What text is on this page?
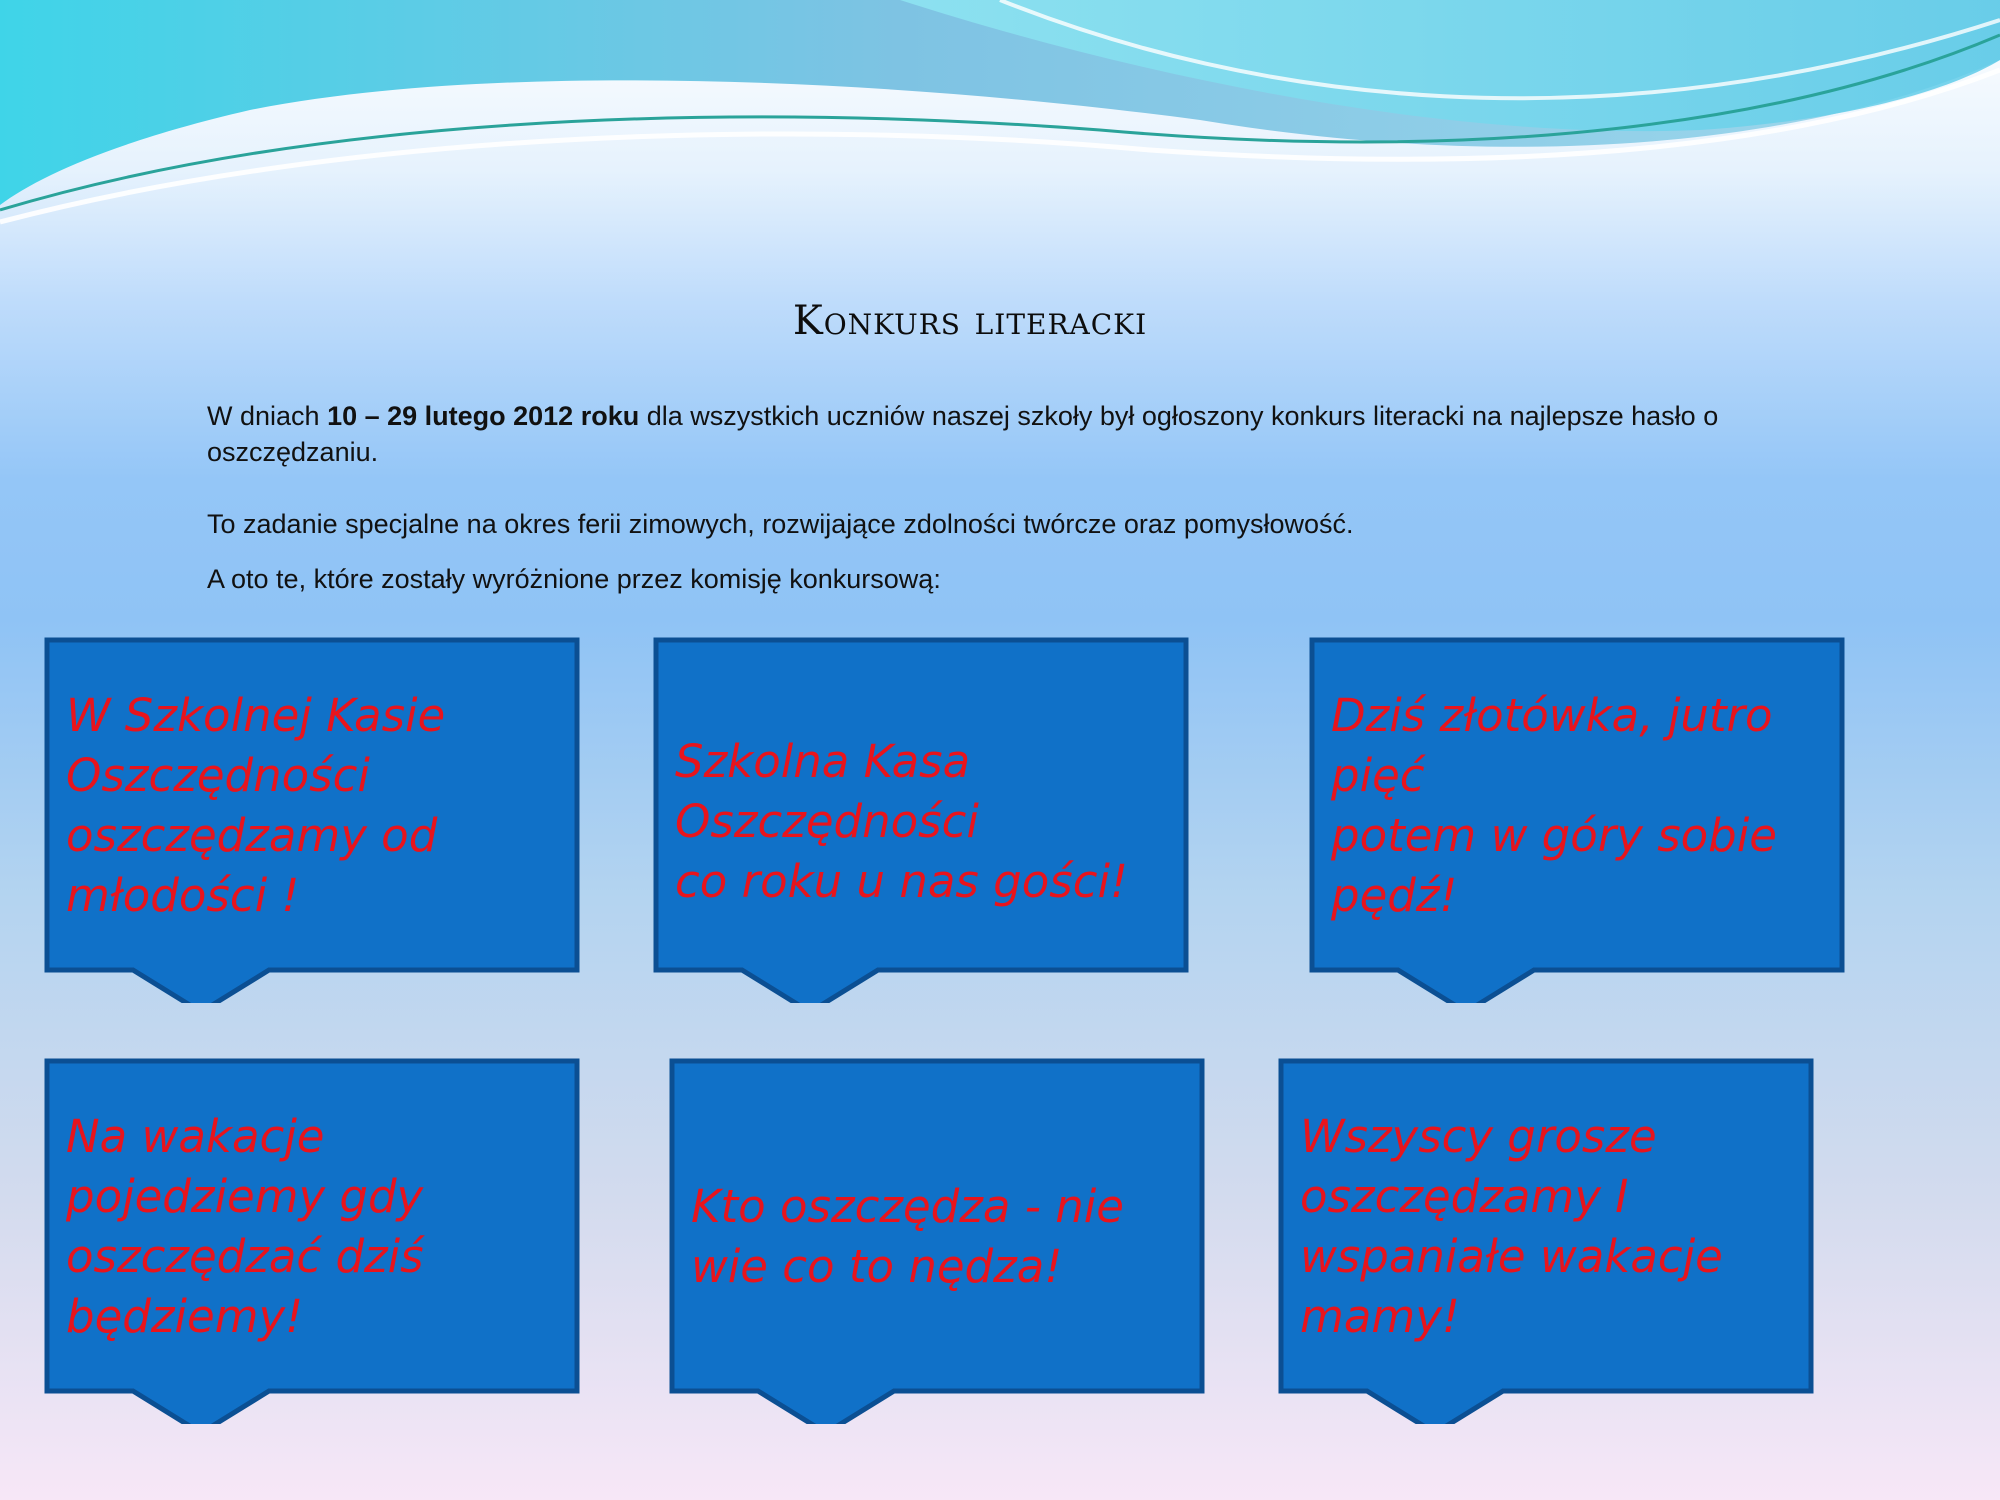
Konkurs literacki
W dniach 10 – 29 lutego 2012 roku dla wszystkich uczniów naszej szkoły był ogłoszony konkurs literacki na najlepsze hasło o oszczędzaniu.
To zadanie specjalne na okres ferii zimowych, rozwijające zdolności twórcze oraz pomysłowość.
A oto te, które zostały wyróżnione przez komisję konkursową:
W Szkolnej Kasie
Oszczędności
oszczędzamy od
młodości !
Szkolna Kasa
Oszczędności
co roku u nas gości!
Dziś złotówka, jutro
pięć
potem w góry sobie
pędź!
Na wakacje
pojedziemy gdy
oszczędzać dziś
będziemy!
Kto oszczędza - nie
wie co to nędza!
Wszyscy grosze
oszczędzamy I
wspaniałe wakacje
mamy!
